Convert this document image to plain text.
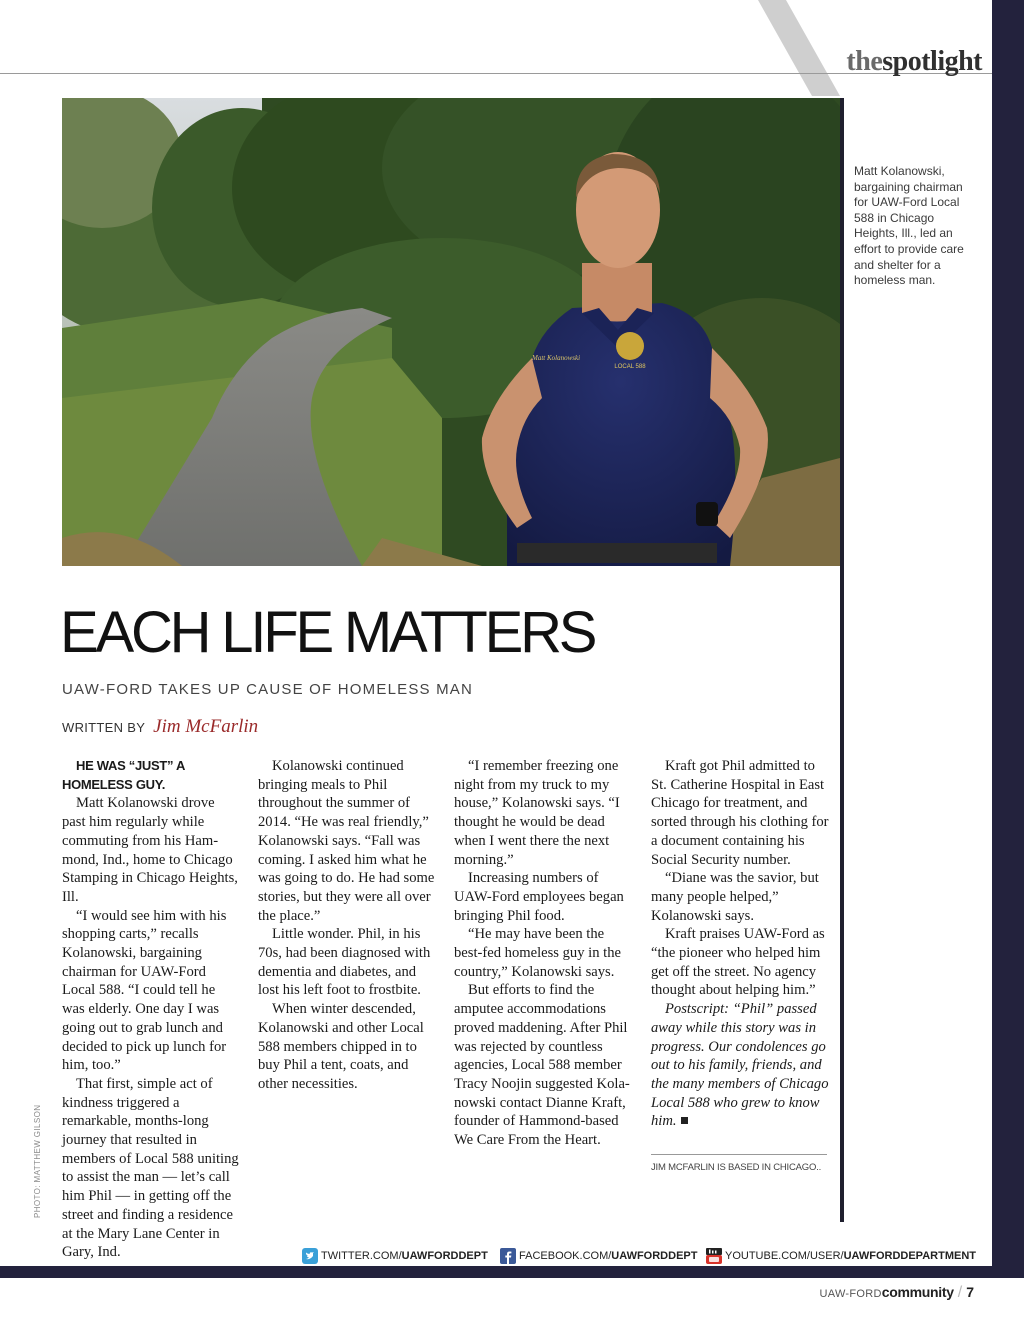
thespotlight
LOCAL 588
Matt Kolanowski
Matt Kolanowski, bargaining chairman for UAW-Ford Local 588 in Chicago Heights, Ill., led an effort to provide care and shelter for a homeless man.
EACH LIFE MATTERS
UAW-FORD TAKES UP CAUSE OF HOMELESS MAN
WRITTEN BY Jim McFarlin

HE WAS “JUST” A HOMELESS GUY.

Matt Kolanowski drove past him regularly while commuting from his Hammond, Ind., home to Chicago Stamping in Chicago Heights, Ill.

“I would see him with his shopping carts,” recalls Kolanowski, bargaining chairman for UAW-Ford Local 588. “I could tell he was elderly. One day I was going out to grab lunch and decided to pick up lunch for him, too.”

That first, simple act of kindness triggered a remarkable, months-long journey that resulted in members of Local 588 uniting to assist the man — let’s call him Phil — in getting off the street and finding a residence at the Mary Lane Center in Gary, Ind.

Kolanowski continued bringing meals to Phil throughout the summer of 2014. “He was real friendly,” Kolanowski says. “Fall was coming. I asked him what he was going to do. He had some stories, but they were all over the place.”

Little wonder. Phil, in his 70s, had been diagnosed with dementia and diabetes, and lost his left foot to frostbite.

When winter descended, Kolanowski and other Local 588 members chipped in to buy Phil a tent, coats, and other necessities.

“I remember freezing one night from my truck to my house,” Kolanowski says. “I thought he would be dead when I went there the next morning.”

Increasing numbers of UAW-Ford employees began bringing Phil food.

“He may have been the best-fed homeless guy in the country,” Kolanowski says.

But efforts to find the amputee accommodations proved maddening. After Phil was rejected by countless agencies, Local 588 member Tracy Noojin suggested Kolanowski contact Dianne Kraft, founder of Hammond-based We Care From the Heart.

Kraft got Phil admitted to St. Catherine Hospital in East Chicago for treatment, and sorted through his clothing for a document containing his Social Security number.

“Diane was the savior, but many people helped,” Kolanowski says.

Kraft praises UAW-Ford as “the pioneer who helped him get off the street. No agency thought about helping him.”

Postscript: “Phil” passed away while this story was in progress. Our condolences go out to his family, friends, and the many members of Chicago Local 588 who grew to know him.

JIM MCFARLIN IS BASED IN CHICAGO..
PHOTO: MATTHEW GILSON
TWITTER.COM/ UAWFORDDEPT	FACEBOOK.COM/ UAWFORDDEPT	YOUTUBE.COM/USER/ UAWFORDDEPARTMENT
UAW-FORDcommunity / 7
